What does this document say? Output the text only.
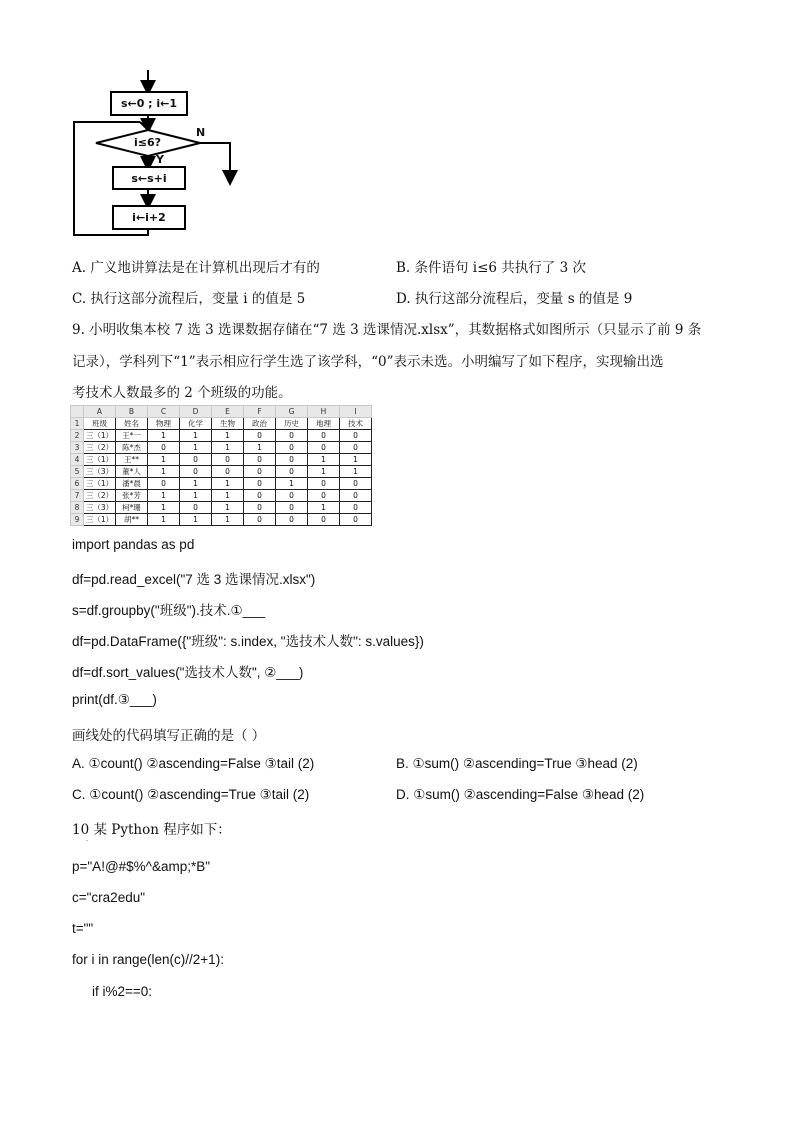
s←0 ; i←1
i≤6?
N
Y
s←s+i
i←i+2
A. 广义地讲算法是在计算机出现后才有的	B. 条件语句 i≤6 共执行了 3 次
C. 执行这部分流程后，变量 i 的值是 5	D. 执行这部分流程后，变量 s 的值是 9
9. 小明收集本校 7 选 3 选课数据存储在“7 选 3 选课情况.xlsx”，其数据格式如图所示（只显示了前 9 条
记录），学科列下“1”表示相应行学生选了该学科，“0”表示未选。小明编写了如下程序，实现输出选
考技术人数最多的 2 个班级的功能。
	A	B	C	D	E	F	G	H	I
1	班级	姓名	物理	化学	生物	政治	历史	地理	技术
2	三（1）	王*一	1	1	1	0	0	0	0
3	三（2）	陈*杰	0	1	1	1	0	0	0
4	三（1）	王**	1	0	0	0	0	1	1
5	三（3）	董*人	1	0	0	0	0	1	1
6	三（1）	潘*晨	0	1	1	0	1	0	0
7	三（2）	张*芳	1	1	1	0	0	0	0
8	三（3）	柯*珊	1	0	1	0	0	1	0
9	三（1）	胡**	1	1	1	0	0	0	0
import pandas as pd
df=pd.read_excel("7 选 3 选课情况.xlsx")
s=df.groupby("班级").技术.①___
df=pd.DataFrame({"班级": s.index, "选技术人数": s.values})
df=df.sort_values("选技术人数", ②___)
print(df.③___)
画线处的代码填写正确的是（ ）
A. ①count() ②ascending=False ③tail (2)	B. ①sum() ②ascending=True ③head (2)
C. ①count() ②ascending=True ③tail (2)	D. ①sum() ②ascending=False ③head (2)
10 某 Python 程序如下：
·
p="A!@#$%^&amp;*B"
c="cra2edu"
t=""
for i in range(len(c)//2+1):
if i%2==0:
